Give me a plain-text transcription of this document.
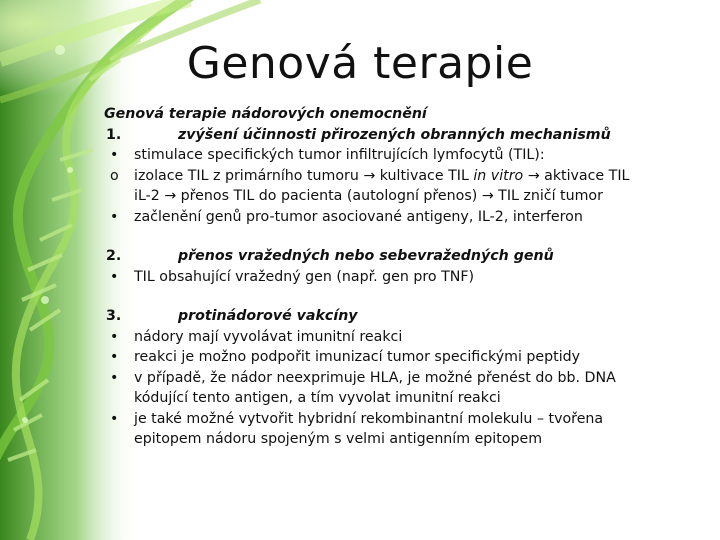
Genová terapie
Genová terapie nádorových onemocnění
1.	zvýšení účinnosti přirozených obranných mechanismů
• stimulace specifických tumor infiltrujících lymfocytů (TIL):
o izolace TIL z primárního tumoru → kultivace TIL in vitro → aktivace TIL
iL-2 → přenos TIL do pacienta (autologní přenos) → TIL zničí tumor
• začlenění genů pro-tumor asociované antigeny, IL-2, interferon
2.	přenos vražedných nebo sebevražedných genů
• TIL obsahující vražedný gen (např. gen pro TNF)
3.	protinádorové vakcíny
• nádory mají vyvolávat imunitní reakci
• reakci je možno podpořit imunizací tumor specifickými peptidy
• v případě, že nádor neexprimuje HLA, je možné přenést do bb. DNA
kódující tento antigen, a tím vyvolat imunitní reakci
• je také možné vytvořit hybridní rekombinantní molekulu – tvořena
epitopem nádoru spojeným s velmi antigenním epitopem
